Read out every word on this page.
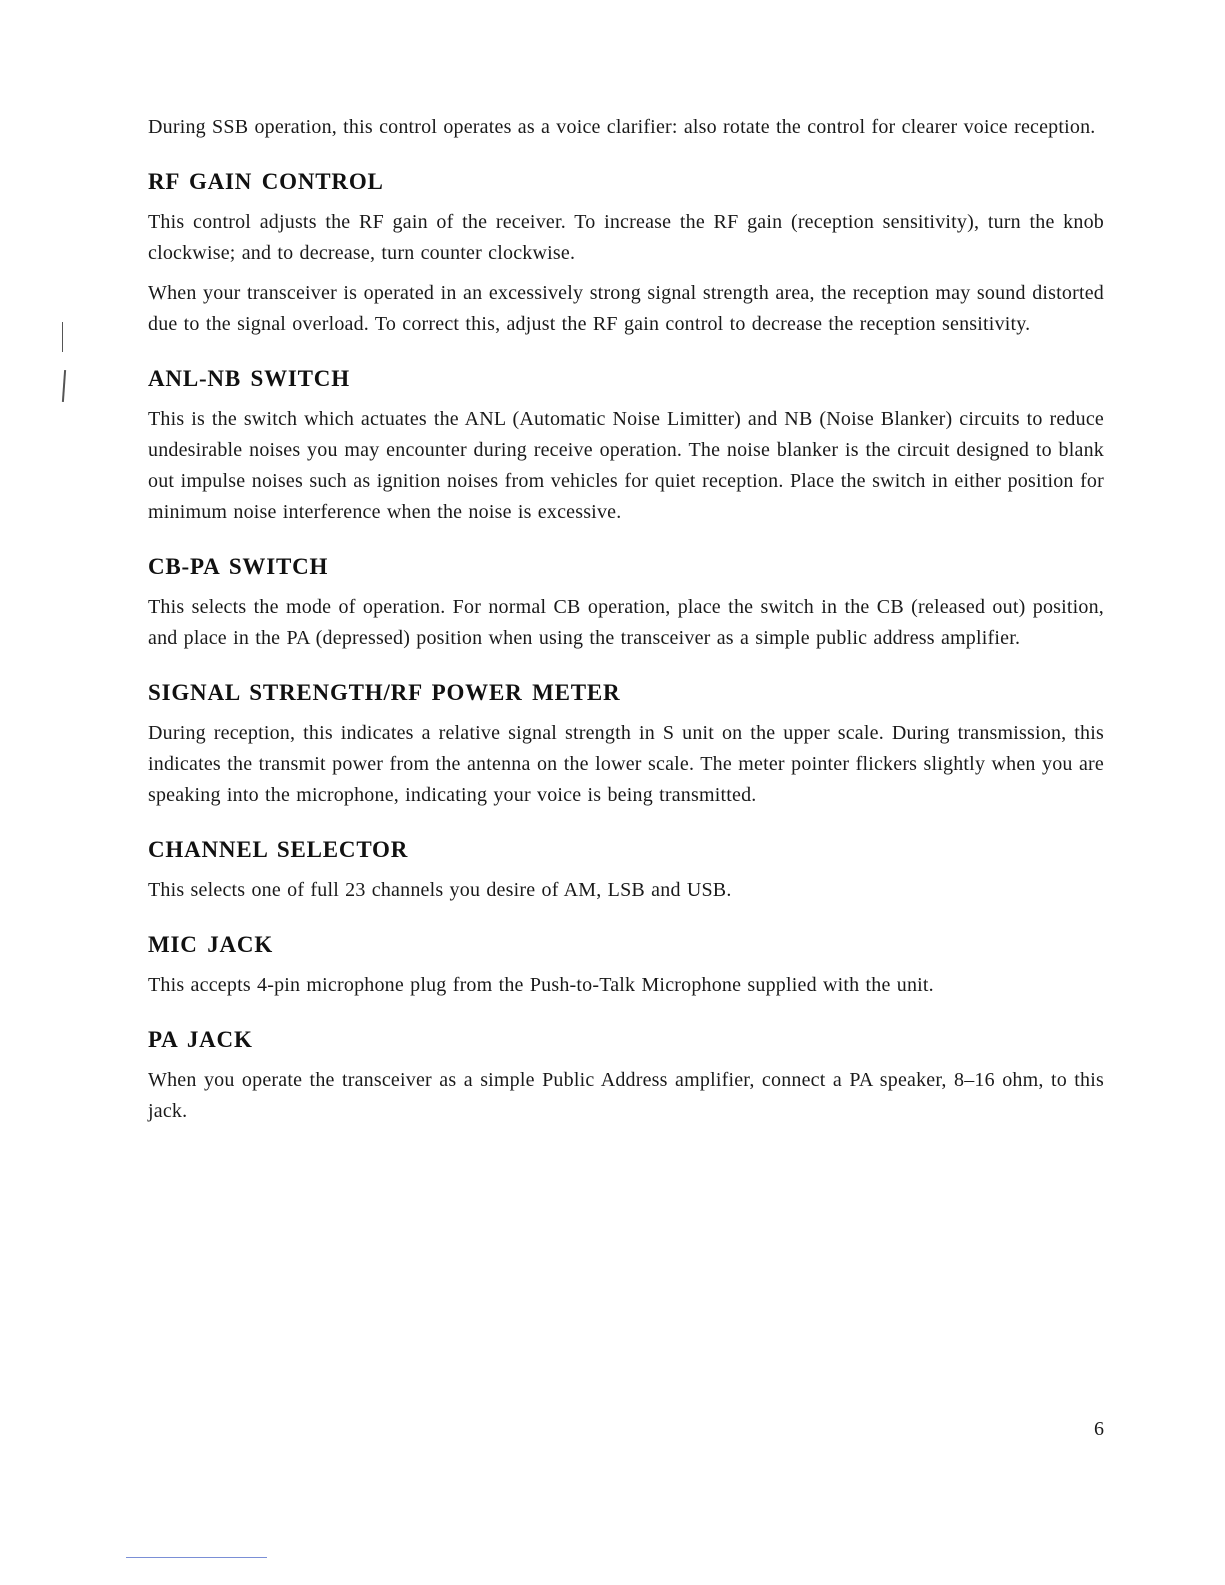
During SSB operation, this control operates as a voice clarifier: also rotate the control for clearer voice reception.

RF GAIN CONTROL

This control adjusts the RF gain of the receiver. To increase the RF gain (reception sensitivity), turn the knob clockwise; and to decrease, turn counter clockwise.

When your transceiver is operated in an excessively strong signal strength area, the reception may sound distorted due to the signal overload. To correct this, adjust the RF gain control to decrease the reception sensitivity.

ANL-NB SWITCH

This is the switch which actuates the ANL (Automatic Noise Limitter) and NB (Noise Blanker) circuits to reduce undesirable noises you may encounter during receive operation. The noise blanker is the circuit designed to blank out impulse noises such as ignition noises from vehicles for quiet reception. Place the switch in either position for minimum noise interference when the noise is excessive.

CB-PA SWITCH

This selects the mode of operation. For normal CB operation, place the switch in the CB (released out) position, and place in the PA (depressed) position when using the transceiver as a simple public address amplifier.

SIGNAL STRENGTH/RF POWER METER

During reception, this indicates a relative signal strength in S unit on the upper scale. During transmission, this indicates the transmit power from the antenna on the lower scale. The meter pointer flickers slightly when you are speaking into the microphone, indicating your voice is being transmitted.

CHANNEL SELECTOR

This selects one of full 23 channels you desire of AM, LSB and USB.

MIC JACK

This accepts 4-pin microphone plug from the Push-to-Talk Microphone supplied with the unit.

PA JACK

When you operate the transceiver as a simple Public Address amplifier, connect a PA speaker, 8–16 ohm, to this jack.

6
